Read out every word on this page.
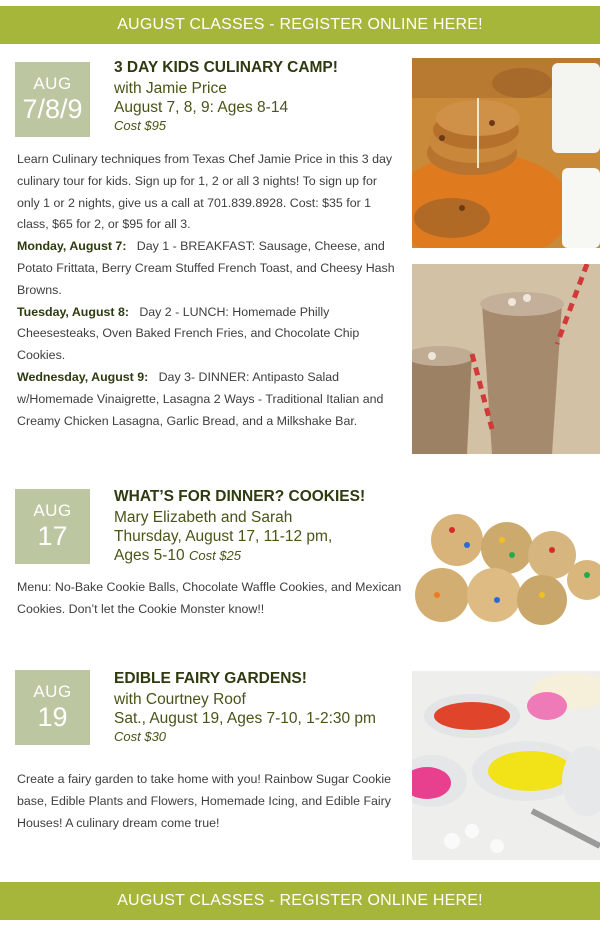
AUGUST CLASSES - REGISTER ONLINE HERE!
AUG
7/8/9
3 DAY KIDS CULINARY CAMP!
with Jamie Price
August 7, 8, 9: Ages 8-14
Cost $95
Learn Culinary techniques from Texas Chef Jamie Price in this 3 day culinary tour for kids. Sign up for 1, 2 or all 3 nights! To sign up for only 1 or 2 nights, give us a call at 701.839.8928. Cost: $35 for 1 class, $65 for 2, or $95 for all 3.
Monday, August 7: Day 1 - BREAKFAST: Sausage, Cheese, and Potato Frittata, Berry Cream Stuffed French Toast, and Cheesy Hash Browns.
Tuesday, August 8: Day 2 - LUNCH: Homemade Philly Cheesesteaks, Oven Baked French Fries, and Chocolate Chip Cookies.
Wednesday, August 9: Day 3- DINNER: Antipasto Salad w/Homemade Vinaigrette, Lasagna 2 Ways - Traditional Italian and Creamy Chicken Lasagna, Garlic Bread, and a Milkshake Bar.
AUG
17
WHAT’S FOR DINNER? COOKIES!
Mary Elizabeth and Sarah
Thursday, August 17, 11-12 pm,
Ages 5-10 Cost $25
Menu: No-Bake Cookie Balls, Chocolate Waffle Cookies, and Mexican Cookies. Don’t let the Cookie Monster know!!
AUG
19
EDIBLE FAIRY GARDENS!
with Courtney Roof
Sat., August 19, Ages 7-10, 1-2:30 pm
Cost $30
Create a fairy garden to take home with you! Rainbow Sugar Cookie base, Edible Plants and Flowers, Homemade Icing, and Edible Fairy Houses! A culinary dream come true!
AUGUST CLASSES - REGISTER ONLINE HERE!
